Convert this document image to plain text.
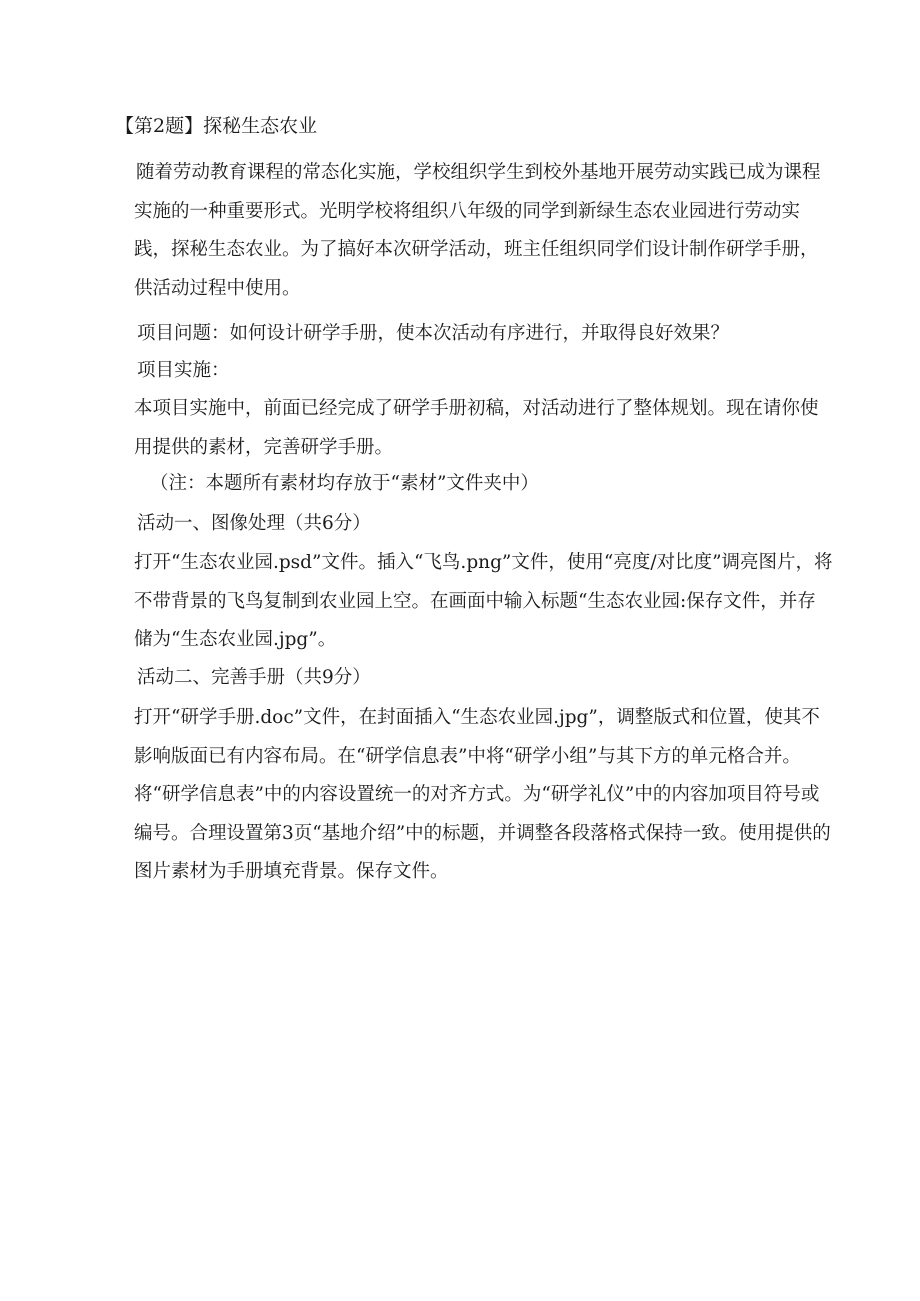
【第2题】探秘生态农业

随着劳动教育课程的常态化实施，学校组织学生到校外基地开展劳动实践已成为课程实施的一种重要形式。光明学校将组织八年级的同学到新绿生态农业园进行劳动实践，探秘生态农业。为了搞好本次研学活动，班主任组织同学们设计制作研学手册，供活动过程中使用。

项目问题：如何设计研学手册，使本次活动有序进行，并取得良好效果？
项目实施：

本项目实施中，前面已经完成了研学手册初稿，对活动进行了整体规划。现在请你使用提供的素材，完善研学手册。

（注：本题所有素材均存放于“素材”文件夹中）
活动一、图像处理（共6分）

打开“生态农业园.psd”文件。插入“飞鸟.png”文件，使用“亮度/对比度”调亮图片，将不带背景的飞鸟复制到农业园上空。在画面中输入标题“生态农业园:保存文件，并存储为“生态农业园.jpg”。

活动二、完善手册（共9分）

打开“研学手册.doc”文件，在封面插入“生态农业园.jpg”，调整版式和位置，使其不影响版面已有内容布局。在“研学信息表”中将“研学小组”与其下方的单元格合并。将“研学信息表”中的内容设置统一的对齐方式。为“研学礼仪”中的内容加项目符号或编号。合理设置第3页“基地介绍”中的标题，并调整各段落格式保持一致。使用提供的图片素材为手册填充背景。保存文件。
